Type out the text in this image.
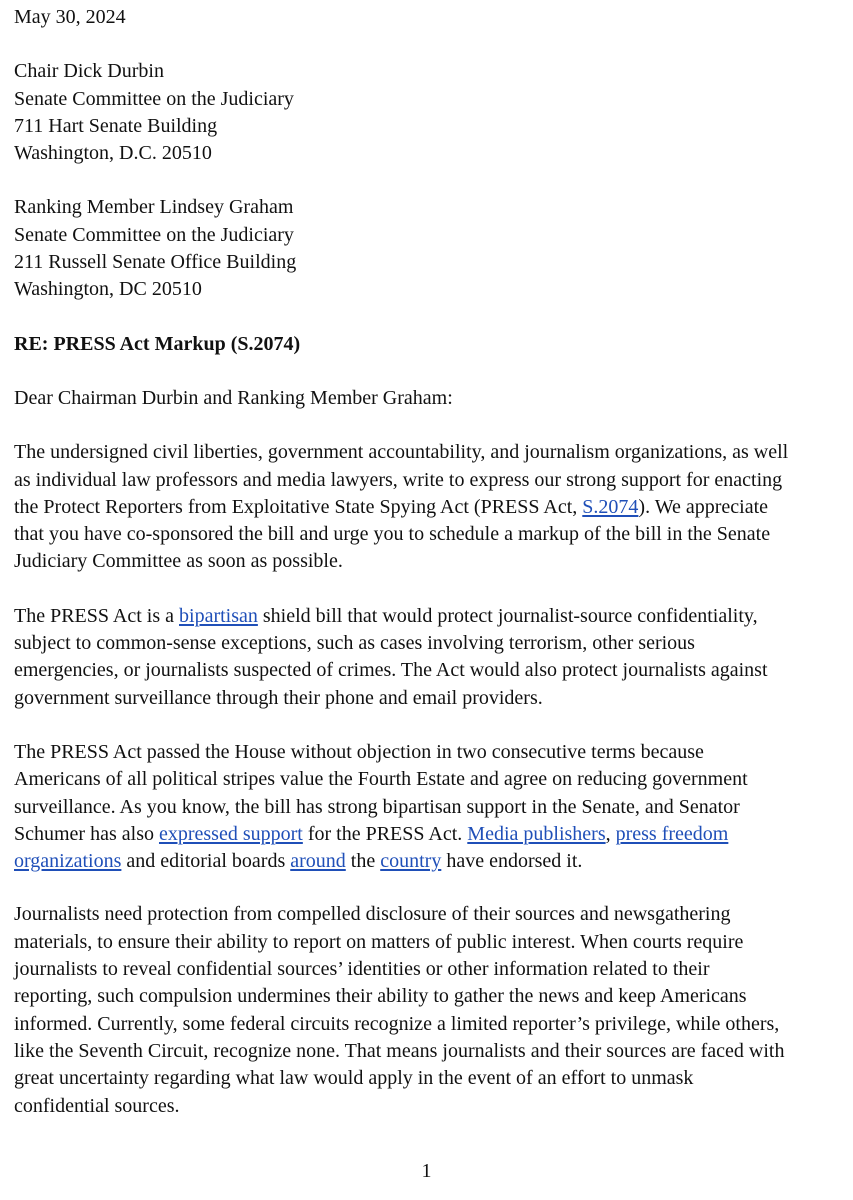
May 30, 2024
Chair Dick Durbin
Senate Committee on the Judiciary
711 Hart Senate Building
Washington, D.C. 20510
Ranking Member Lindsey Graham
Senate Committee on the Judiciary
211 Russell Senate Office Building
Washington, DC 20510
RE: PRESS Act Markup (S.2074)
Dear Chairman Durbin and Ranking Member Graham:
The undersigned civil liberties, government accountability, and journalism organizations, as well
as individual law professors and media lawyers, write to express our strong support for enacting
the Protect Reporters from Exploitative State Spying Act (PRESS Act, S.2074). We appreciate
that you have co-sponsored the bill and urge you to schedule a markup of the bill in the Senate
Judiciary Committee as soon as possible.
The PRESS Act is a bipartisan shield bill that would protect journalist-source confidentiality,
subject to common-sense exceptions, such as cases involving terrorism, other serious
emergencies, or journalists suspected of crimes. The Act would also protect journalists against
government surveillance through their phone and email providers.
The PRESS Act passed the House without objection in two consecutive terms because
Americans of all political stripes value the Fourth Estate and agree on reducing government
surveillance. As you know, the bill has strong bipartisan support in the Senate, and Senator
Schumer has also expressed support for the PRESS Act. Media publishers, press freedom
organizations and editorial boards around the country have endorsed it.
Journalists need protection from compelled disclosure of their sources and newsgathering
materials, to ensure their ability to report on matters of public interest. When courts require
journalists to reveal confidential sources’ identities or other information related to their
reporting, such compulsion undermines their ability to gather the news and keep Americans
informed. Currently, some federal circuits recognize a limited reporter’s privilege, while others,
like the Seventh Circuit, recognize none. That means journalists and their sources are faced with
great uncertainty regarding what law would apply in the event of an effort to unmask
confidential sources.
1
